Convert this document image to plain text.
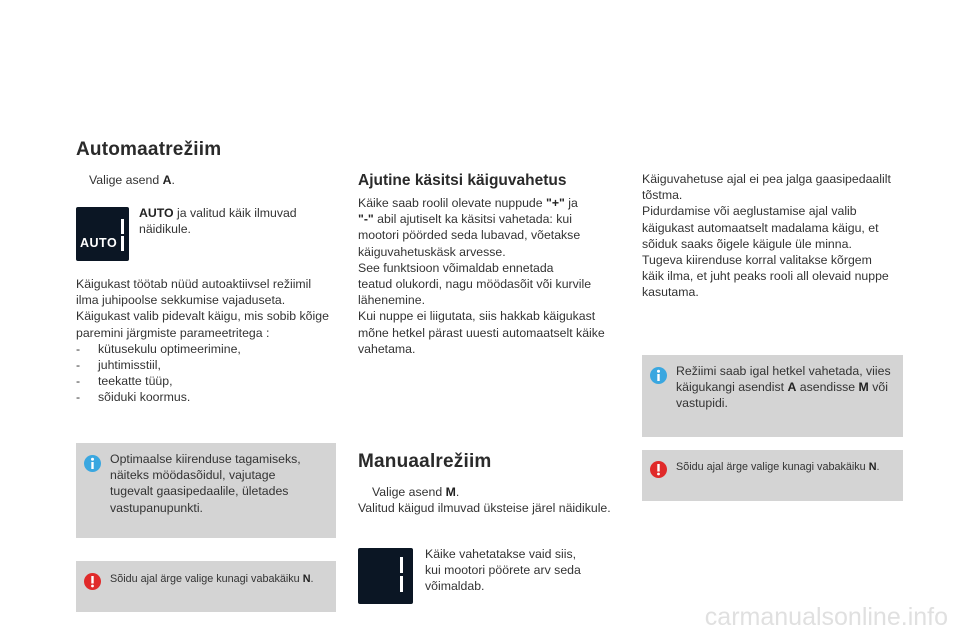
Automaatrežiim
Valige asend A.
AUTO
AUTO ja valitud käik ilmuvad
näidikule.
Käigukast töötab nüüd autoaktiivsel režiimil
ilma juhipoolse sekkumise vajaduseta.
Käigukast valib pidevalt käigu, mis sobib kõige
paremini järgmiste parameetritega :
- kütusekulu optimeerimine,
- juhtimisstiil,
- teekatte tüüp,
- sõiduki koormus.
Optimaalse kiirenduse tagamiseks,
näiteks möödasõidul, vajutage
tugevalt gaasipedaalile, ületades
vastupanupunkti.
Sõidu ajal ärge valige kunagi vabakäiku N.
Ajutine käsitsi käiguvahetus
Käike saab roolil olevate nuppude "+" ja
"-" abil ajutiselt ka käsitsi vahetada: kui
mootori pöörded seda lubavad, võetakse
käiguvahetuskäsk arvesse.
See funktsioon võimaldab ennetada
teatud olukordi, nagu möödasõit või kurvile
lähenemine.
Kui nuppe ei liigutata, siis hakkab käigukast
mõne hetkel pärast uuesti automaatselt käike
vahetama.
Manuaalrežiim
Valige asend M.
Valitud käigud ilmuvad üksteise järel näidikule.
Käike vahetatakse vaid siis,
kui mootori pöörete arv seda
võimaldab.
Käiguvahetuse ajal ei pea jalga gaasipedaalilt
tõstma.
Pidurdamise või aeglustamise ajal valib
käigukast automaatselt madalama käigu, et
sõiduk saaks õigele käigule üle minna.
Tugeva kiirenduse korral valitakse kõrgem
käik ilma, et juht peaks rooli all olevaid nuppe
kasutama.
Režiimi saab igal hetkel vahetada, viies
käigukangi asendist A asendisse M või
vastupidi.
Sõidu ajal ärge valige kunagi vabakäiku N.
carmanualsonline.info
